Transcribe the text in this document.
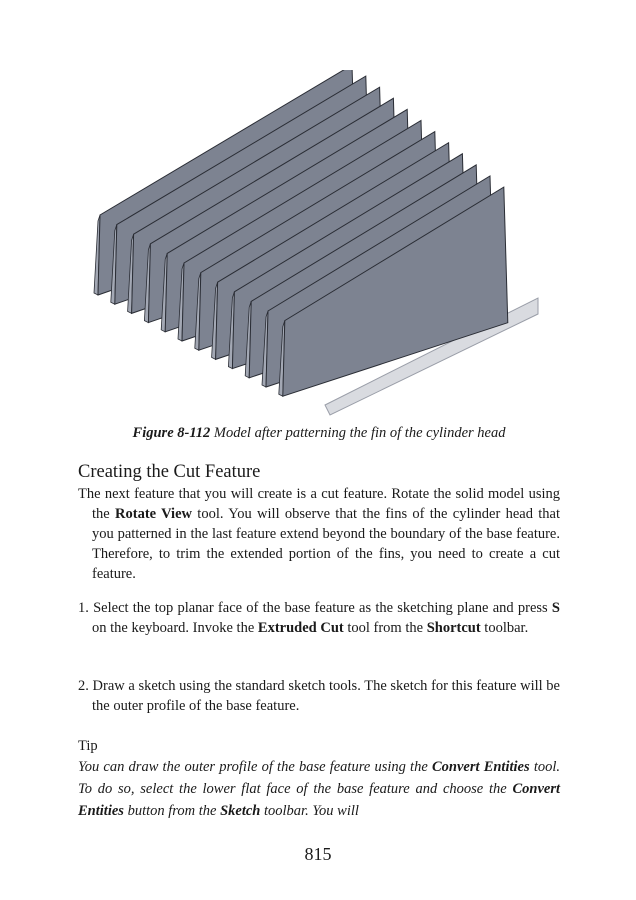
Figure 8-112 Model after patterning the fin of the cylinder head
Creating the Cut Feature
The next feature that you will create is a cut feature. Rotate the solid model using the Rotate View tool. You will observe that the fins of the cylinder head that you patterned in the last feature extend beyond the boundary of the base feature. Therefore, to trim the extended portion of the fins, you need to create a cut feature.
1. Select the top planar face of the base feature as the sketching plane and press S on the keyboard. Invoke the Extruded Cut tool from the Shortcut toolbar.
2. Draw a sketch using the standard sketch tools. The sketch for this feature will be the outer profile of the base feature.
Tip
You can draw the outer profile of the base feature using the Convert Entities tool. To do so, select the lower flat face of the base feature and choose the Convert Entities button from the Sketch toolbar. You will
815
